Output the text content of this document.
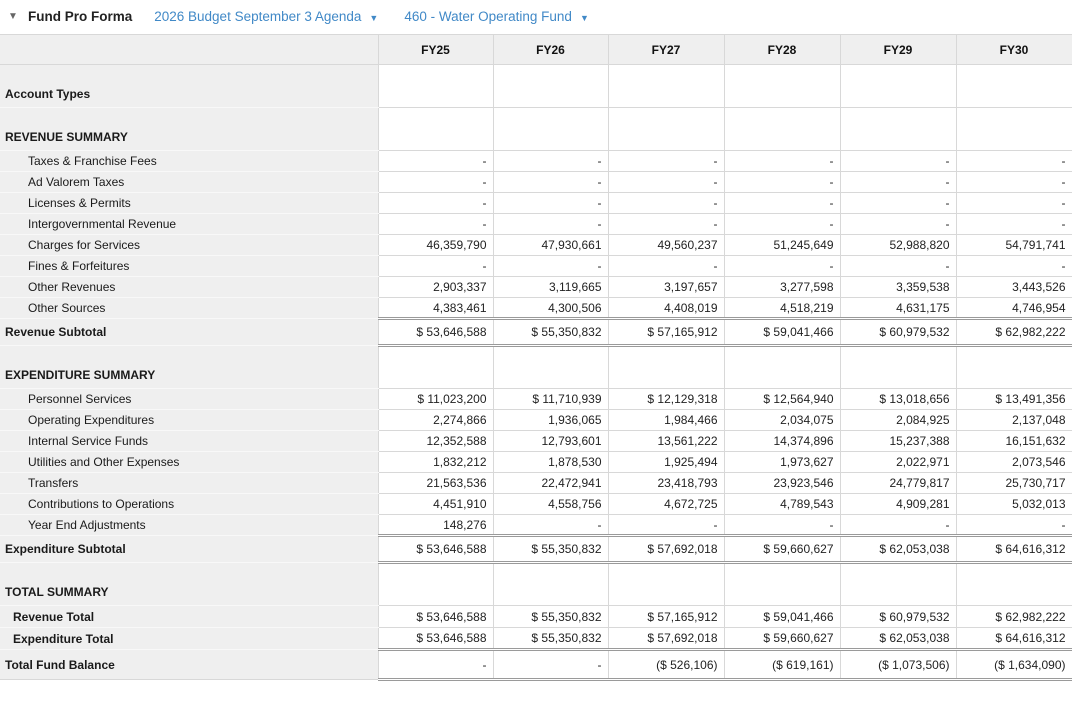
▼ Fund Pro Forma 2026 Budget September 3 Agenda ▼ 460 - Water Operating Fund ▼
	FY25	FY26	FY27	FY28	FY29	FY30
Account Types						
REVENUE SUMMARY						
Taxes & Franchise Fees	-	-	-	-	-	-
Ad Valorem Taxes	-	-	-	-	-	-
Licenses & Permits	-	-	-	-	-	-
Intergovernmental Revenue	-	-	-	-	-	-
Charges for Services	46,359,790	47,930,661	49,560,237	51,245,649	52,988,820	54,791,741
Fines & Forfeitures	-	-	-	-	-	-
Other Revenues	2,903,337	3,119,665	3,197,657	3,277,598	3,359,538	3,443,526
Other Sources	4,383,461	4,300,506	4,408,019	4,518,219	4,631,175	4,746,954
Revenue Subtotal	$ 53,646,588	$ 55,350,832	$ 57,165,912	$ 59,041,466	$ 60,979,532	$ 62,982,222
EXPENDITURE SUMMARY						
Personnel Services	$ 11,023,200	$ 11,710,939	$ 12,129,318	$ 12,564,940	$ 13,018,656	$ 13,491,356
Operating Expenditures	2,274,866	1,936,065	1,984,466	2,034,075	2,084,925	2,137,048
Internal Service Funds	12,352,588	12,793,601	13,561,222	14,374,896	15,237,388	16,151,632
Utilities and Other Expenses	1,832,212	1,878,530	1,925,494	1,973,627	2,022,971	2,073,546
Transfers	21,563,536	22,472,941	23,418,793	23,923,546	24,779,817	25,730,717
Contributions to Operations	4,451,910	4,558,756	4,672,725	4,789,543	4,909,281	5,032,013
Year End Adjustments	148,276	-	-	-	-	-
Expenditure Subtotal	$ 53,646,588	$ 55,350,832	$ 57,692,018	$ 59,660,627	$ 62,053,038	$ 64,616,312
TOTAL SUMMARY						
Revenue Total	$ 53,646,588	$ 55,350,832	$ 57,165,912	$ 59,041,466	$ 60,979,532	$ 62,982,222
Expenditure Total	$ 53,646,588	$ 55,350,832	$ 57,692,018	$ 59,660,627	$ 62,053,038	$ 64,616,312
Total Fund Balance	-	-	($ 526,106)	($ 619,161)	($ 1,073,506)	($ 1,634,090)
